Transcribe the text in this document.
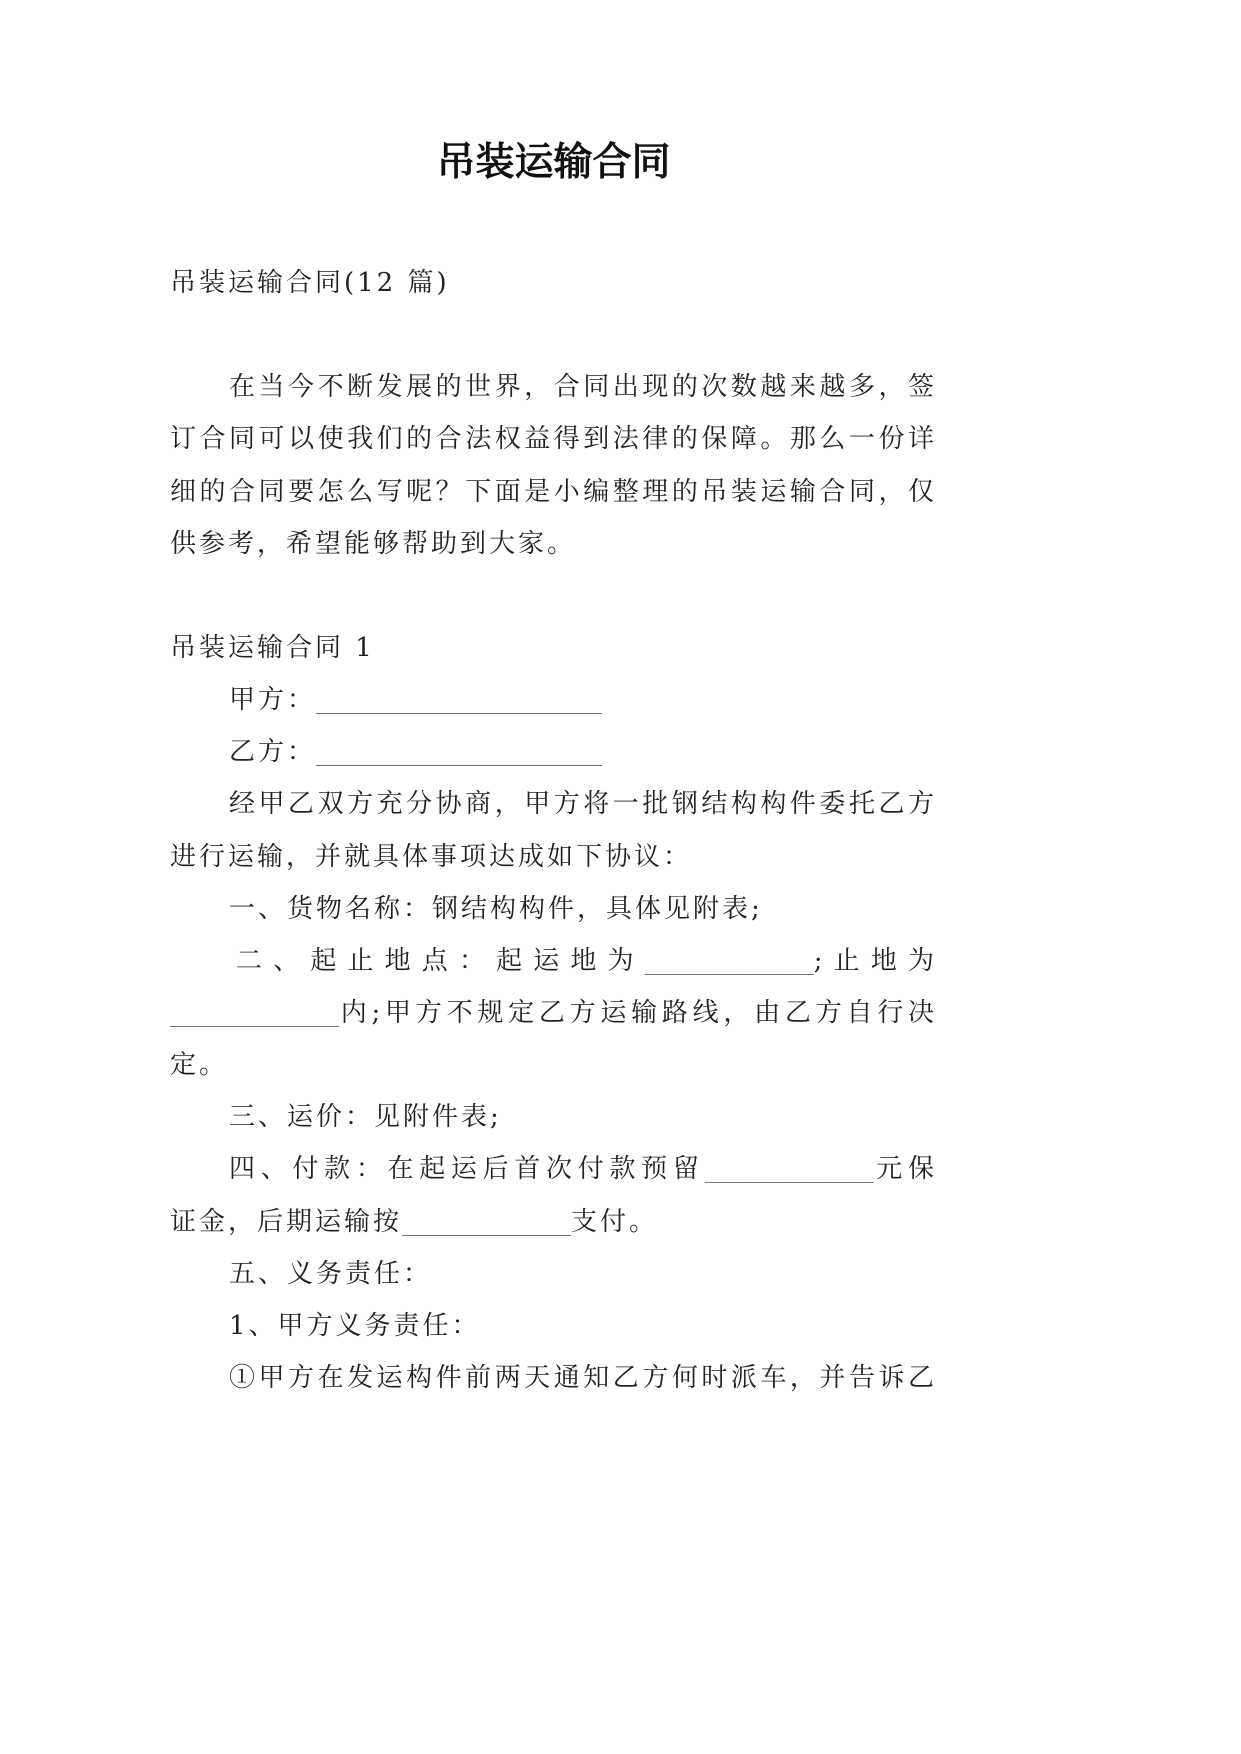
吊装运输合同
吊装运输合同(12 篇)
在当今不断发展的世界，合同出现的次数越来越多，签
订合同可以使我们的合法权益得到法律的保障。那么一份详
细的合同要怎么写呢？下面是小编整理的吊装运输合同，仅
供参考，希望能够帮助到大家。
吊装运输合同 1
甲方：______________________
乙方：______________________
经甲乙双方充分协商，甲方将一批钢结构构件委托乙方
进行运输，并就具体事项达成如下协议：
一、货物名称：钢结构构件，具体见附表;
二、起止地点：起运地为_____________;止地为
_____________内;甲方不规定乙方运输路线，由乙方自行决
定。
三、运价：见附件表;
四、付款：在起运后首次付款预留_____________元保
证金，后期运输按_____________支付。
五、义务责任：
1、甲方义务责任：
①甲方在发运构件前两天通知乙方何时派车，并告诉乙
